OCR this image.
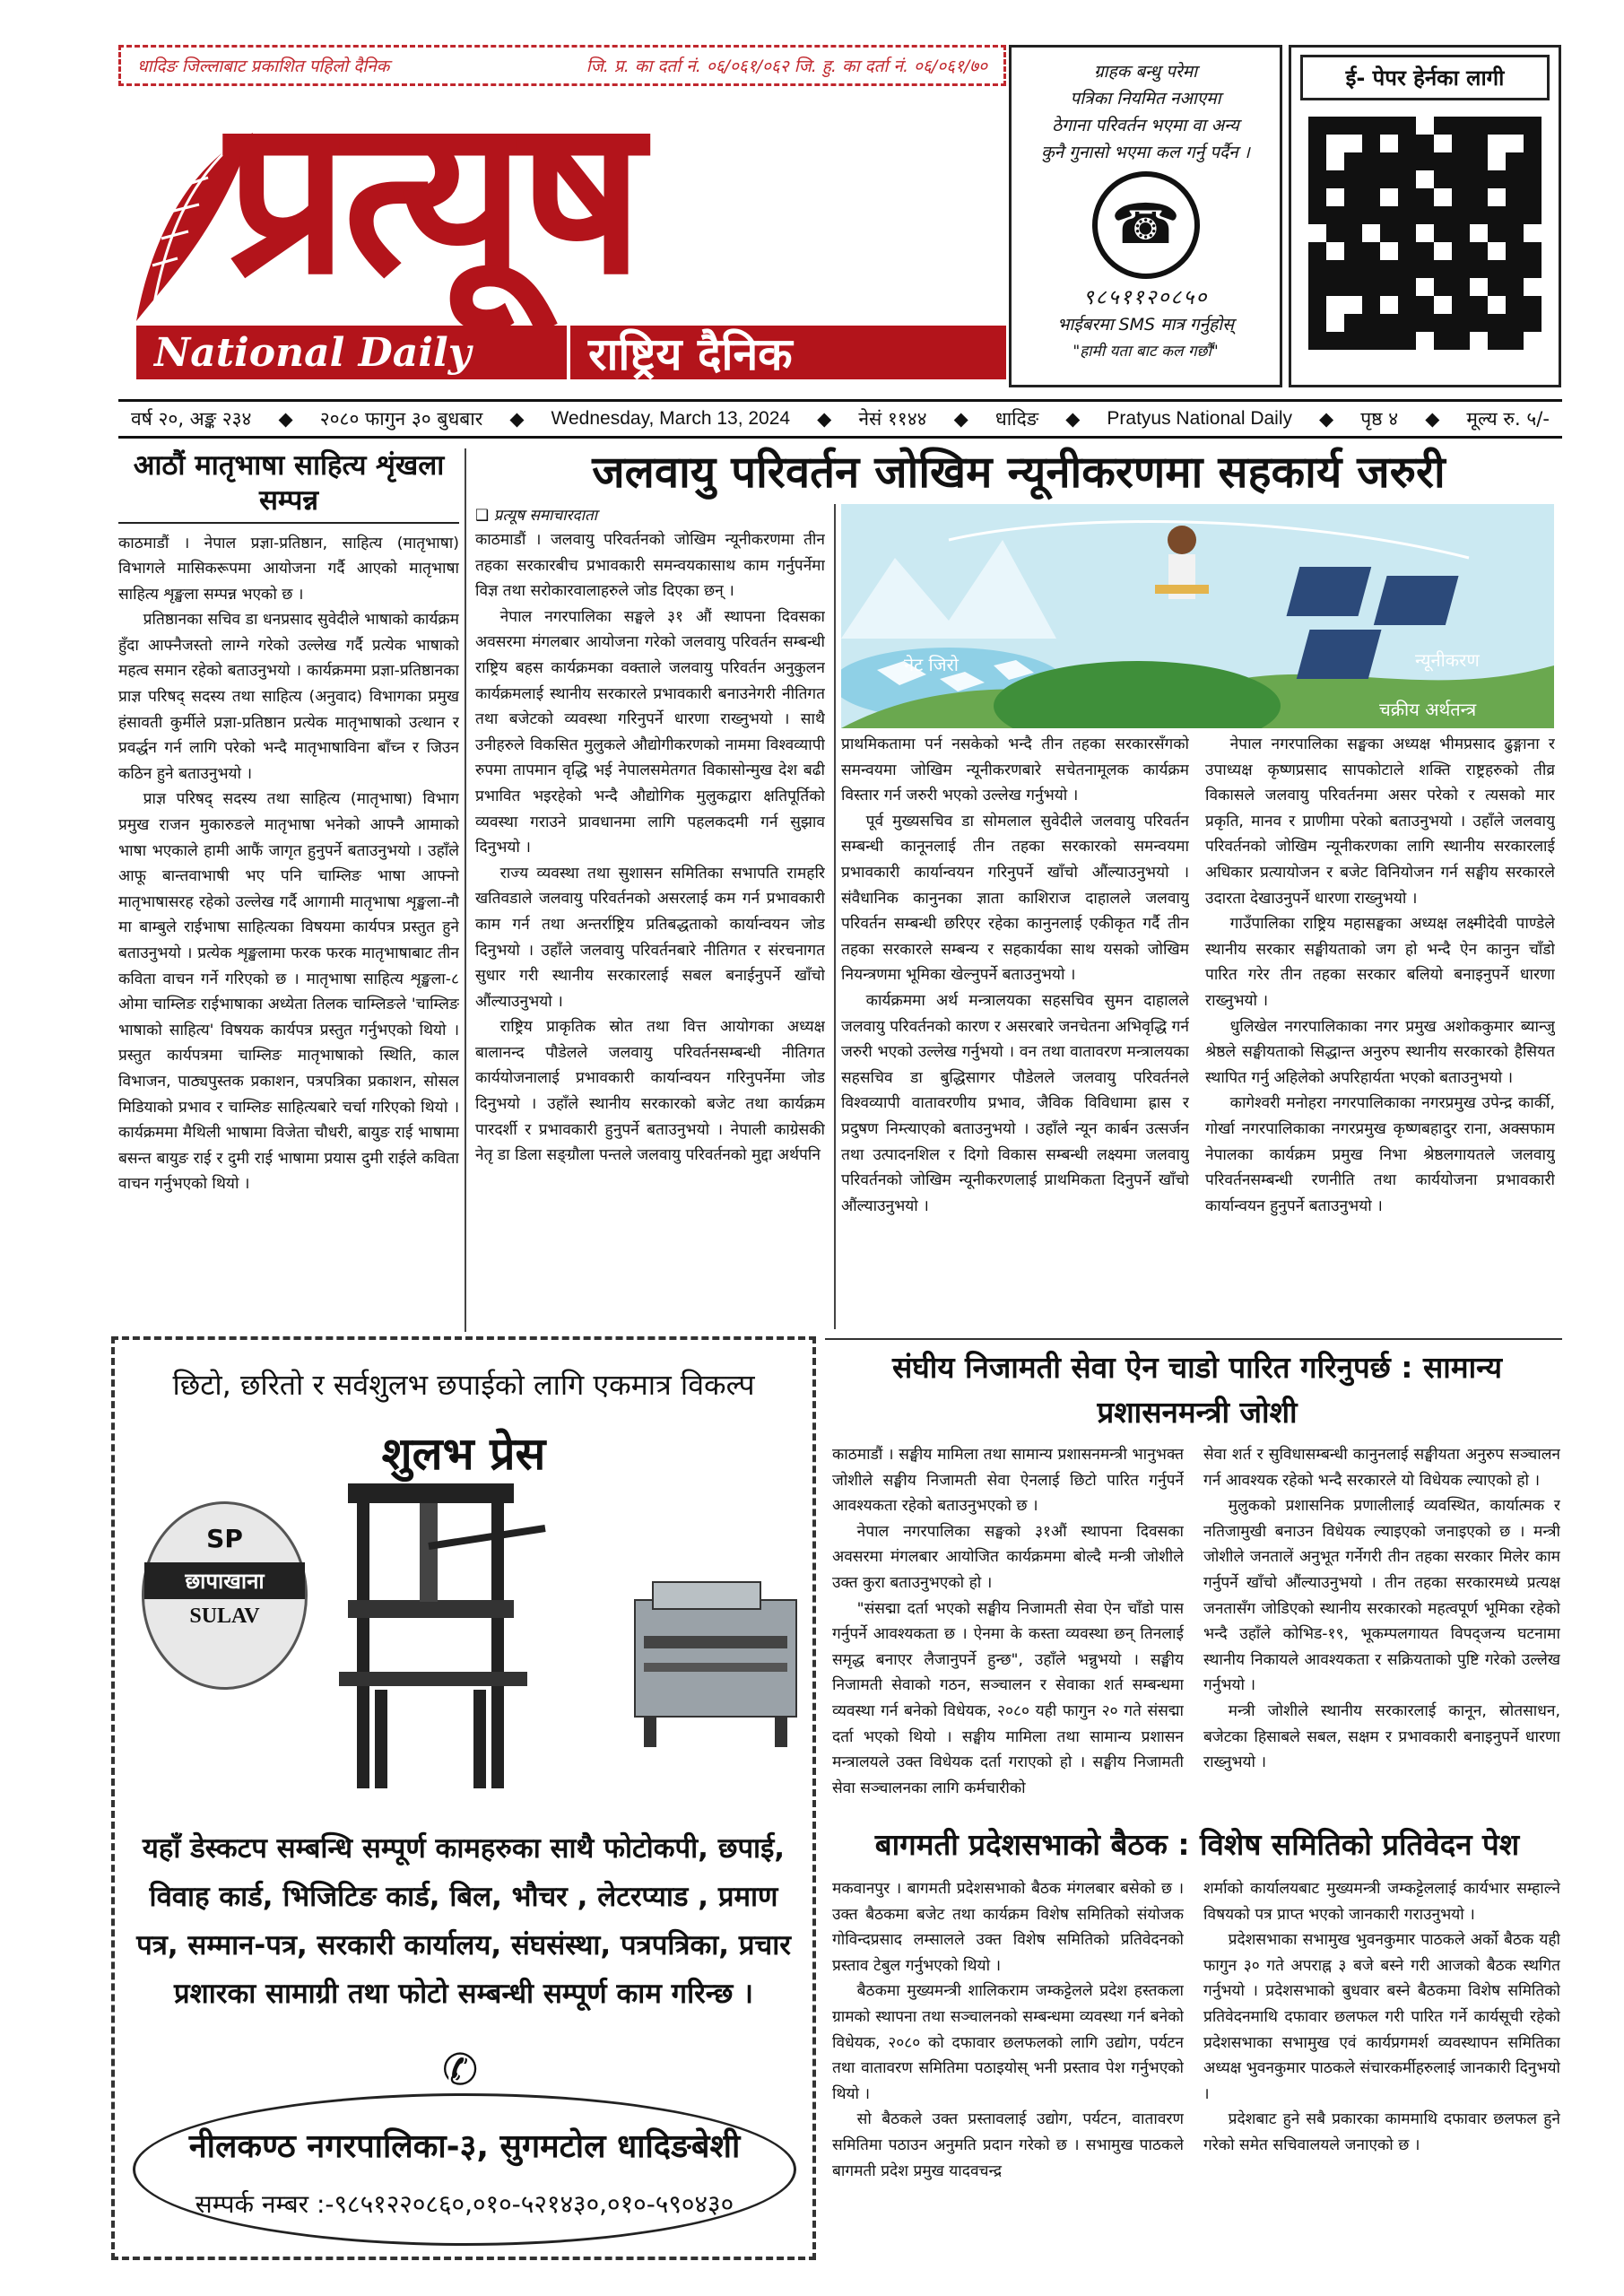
धादिङ जिल्लाबाट प्रकाशित पहिलो दैनिक	जि. प्र. का दर्ता नं. ०६/०६१/०६२ जि. हु. का दर्ता नं. ०६/०६१/७०
प्रत्यूष
National Daily	राष्ट्रिय दैनिक
ग्राहक बन्धु परेमा
पत्रिका नियमित नआएमा
ठेगाना परिवर्तन भएमा वा अन्य
कुनै गुनासो भएमा कल गर्नु पर्दैन ।
☎
९८५११२०८५०
भाईबरमा SMS मात्र गर्नुहोस्
"हामी यता बाट कल गर्छौं"
ई- पेपर हेर्नका लागी
वर्ष २०, अङ्क २३४ ◆ २०८० फागुन ३० बुधबार ◆ Wednesday, March 13, 2024 ◆ नेसं ११४४ ◆ धादिङ ◆ Pratyus National Daily ◆ पृष्ठ ४ ◆ मूल्य रु. ५/-
आठौं मातृभाषा साहित्य शृंखला सम्पन्न

काठमाडौं । नेपाल प्रज्ञा-प्रतिष्ठान, साहित्य (मातृभाषा) विभागले मासिकरूपमा आयोजना गर्दै आएको मातृभाषा साहित्य शृङ्खला सम्पन्न भएको छ ।

प्रतिष्ठानका सचिव डा धनप्रसाद सुवेदीले भाषाको कार्यक्रम हुँदा आफ्नैजस्तो लाग्ने गरेको उल्लेख गर्दै प्रत्येक भाषाको महत्व समान रहेको बताउनुभयो । कार्यक्रममा प्रज्ञा-प्रतिष्ठानका प्राज्ञ परिषद् सदस्य तथा साहित्य (अनुवाद) विभागका प्रमुख हंसावती कुर्मीले प्रज्ञा-प्रतिष्ठान प्रत्येक मातृभाषाको उत्थान र प्रवर्द्धन गर्न लागि परेको भन्दै मातृभाषाविना बाँच्न र जिउन कठिन हुने बताउनुभयो ।

प्राज्ञ परिषद् सदस्य तथा साहित्य (मातृभाषा) विभाग प्रमुख राजन मुकारुङले मातृभाषा भनेको आफ्नै आमाको भाषा भएकाले हामी आफैं जागृत हुनुपर्ने बताउनुभयो । उहाँले आफू बान्तवाभाषी भए पनि चाम्लिङ भाषा आफ्नो मातृभाषासरह रहेको उल्लेख गर्दै आगामी मातृभाषा शृङ्खला-नौ मा बाम्बुले राईभाषा साहित्यका विषयमा कार्यपत्र प्रस्तुत हुने बताउनुभयो । प्रत्येक शृङ्खलामा फरक फरक मातृभाषाबाट तीन कविता वाचन गर्ने गरिएको छ । मातृभाषा साहित्य शृङ्खला-८ ओमा चाम्लिङ राईभाषाका अध्येता तिलक चाम्लिङले 'चाम्लिङ भाषाको साहित्य' विषयक कार्यपत्र प्रस्तुत गर्नुभएको थियो । प्रस्तुत कार्यपत्रमा चाम्लिङ मातृभाषाको स्थिति, काल विभाजन, पाठ्यपुस्तक प्रकाशन, पत्रपत्रिका प्रकाशन, सोसल मिडियाको प्रभाव र चाम्लिङ साहित्यबारे चर्चा गरिएको थियो । कार्यक्रममा मैथिली भाषामा विजेता चौधरी, बायुङ राई भाषामा बसन्त बायुङ राई र दुमी राई भाषामा प्रयास दुमी राईले कविता वाचन गर्नुभएको थियो ।

जलवायु परिवर्तन जोखिम न्यूनीकरणमा सहकार्य जरुरी
❑ प्रत्यूष समाचारदाता

काठमाडौं । जलवायु परिवर्तनको जोखिम न्यूनीकरणमा तीन तहका सरकारबीच प्रभावकारी समन्वयकासाथ काम गर्नुपर्नेमा विज्ञ तथा सरोकारवालाहरुले जोड दिएका छन् ।

नेपाल नगरपालिका सङ्घले ३१ औं स्थापना दिवसका अवसरमा मंगलबार आयोजना गरेको जलवायु परिवर्तन सम्बन्धी राष्ट्रिय बहस कार्यक्रमका वक्ताले जलवायु परिवर्तन अनुकुलन कार्यक्रमलाई स्थानीय सरकारले प्रभावकारी बनाउनेगरी नीतिगत तथा बजेटको व्यवस्था गरिनुपर्ने धारणा राख्नुभयो । साथै उनीहरुले विकसित मुलुकले औद्योगीकरणको नाममा विश्वव्यापी रुपमा तापमान वृद्धि भई नेपालसमेतगत विकासोन्मुख देश बढी प्रभावित भइरहेको भन्दै औद्योगिक मुलुकद्वारा क्षतिपूर्तिको व्यवस्था गराउने प्रावधानमा लागि पहलकदमी गर्न सुझाव दिनुभयो ।

राज्य व्यवस्था तथा सुशासन समितिका सभापति रामहरि खतिवडाले जलवायु परिवर्तनको असरलाई कम गर्न प्रभावकारी काम गर्न तथा अन्तर्राष्ट्रिय प्रतिबद्धताको कार्यान्वयन जोड दिनुभयो । उहाँले जलवायु परिवर्तनबारे नीतिगत र संरचनागत सुधार गरी स्थानीय सरकारलाई सबल बनाईनुपर्ने खाँचो औंल्याउनुभयो ।

राष्ट्रिय प्राकृतिक स्रोत तथा वित्त आयोगका अध्यक्ष बालानन्द पौडेलले जलवायु परिवर्तनसम्बन्धी नीतिगत कार्ययोजनालाई प्रभावकारी कार्यान्वयन गरिनुपर्नेमा जोड दिनुभयो । उहाँले स्थानीय सरकारको बजेट तथा कार्यक्रम पारदर्शी र प्रभावकारी हुनुपर्ने बताउनुभयो । नेपाली काग्रेसकी नेतृ डा डिला सङ्ग्रौला पन्तले जलवायु परिवर्तनको मुद्दा अर्थपनि

नेट जिरो	न्यूनीकरण
चक्रीय अर्थतन्त्र

प्राथमिकतामा पर्न नसकेको भन्दै तीन तहका सरकारसँगको समन्वयमा जोखिम न्यूनीकरणबारे सचेतनामूलक कार्यक्रम विस्तार गर्न जरुरी भएको उल्लेख गर्नुभयो ।

पूर्व मुख्यसचिव डा सोमलाल सुवेदीले जलवायु परिवर्तन सम्बन्धी कानूनलाई तीन तहका सरकारको समन्वयमा प्रभावकारी कार्यान्वयन गरिनुपर्ने खाँचो औंल्याउनुभयो । संवैधानिक कानुनका ज्ञाता काशिराज दाहालले जलवायु परिवर्तन सम्बन्धी छरिएर रहेका कानुनलाई एकीकृत गर्दै तीन तहका सरकारले सम्बन्य र सहकार्यका साथ यसको जोखिम नियन्त्रणमा भूमिका खेल्नुपर्ने बताउनुभयो ।

कार्यक्रममा अर्थ मन्त्रालयका सहसचिव सुमन दाहालले जलवायु परिवर्तनको कारण र असरबारे जनचेतना अभिवृद्धि गर्न जरुरी भएको उल्लेख गर्नुभयो । वन तथा वातावरण मन्त्रालयका सहसचिव डा बुद्धिसागर पौडेलले जलवायु परिवर्तनले विश्वव्यापी वातावरणीय प्रभाव, जैविक विविधामा ह्रास र प्रदुषण निम्त्याएको बताउनुभयो । उहाँले न्यून कार्बन उत्सर्जन तथा उत्पादनशिल र दिगो विकास सम्बन्धी लक्ष्यमा जलवायु परिवर्तनको जोखिम न्यूनीकरणलाई प्राथमिकता दिनुपर्ने खाँचो औंल्याउनुभयो ।

नेपाल नगरपालिका सङ्घका अध्यक्ष भीमप्रसाद ढुङ्गाना र उपाध्यक्ष कृष्णप्रसाद सापकोटाले शक्ति राष्ट्रहरुको तीव्र विकासले जलवायु परिवर्तनमा असर परेको र त्यसको मार प्रकृति, मानव र प्राणीमा परेको बताउनुभयो । उहाँले जलवायु परिवर्तनको जोखिम न्यूनीकरणका लागि स्थानीय सरकारलाई अधिकार प्रत्यायोजन र बजेट विनियोजन गर्न सङ्घीय सरकारले उदारता देखाउनुपर्ने धारणा राख्नुभयो ।

गाउँपालिका राष्ट्रिय महासङ्घका अध्यक्ष लक्ष्मीदेवी पाण्डेले स्थानीय सरकार सङ्घीयताको जग हो भन्दै ऐन कानुन चाँडो पारित गरेर तीन तहका सरकार बलियो बनाइनुपर्ने धारणा राख्नुभयो ।

धुलिखेल नगरपालिकाका नगर प्रमुख अशोककुमार ब्यान्जु श्रेष्ठले सङ्घीयताको सिद्धान्त अनुरुप स्थानीय सरकारको हैसियत स्थापित गर्नु अहिलेको अपरिहार्यता भएको बताउनुभयो ।

कागेश्वरी मनोहरा नगरपालिकाका नगरप्रमुख उपेन्द्र कार्की, गोर्खा नगरपालिकाका नगरप्रमुख कृष्णबहादुर राना, अक्सफाम नेपालका कार्यक्रम प्रमुख निभा श्रेष्ठलगायतले जलवायु परिवर्तनसम्बन्धी रणनीति तथा कार्ययोजना प्रभावकारी कार्यान्वयन हुनुपर्ने बताउनुभयो ।

छिटो, छरितो र सर्वशुलभ छपाईको लागि एकमात्र विकल्प
शुलभ प्रेस
SP
छापाखाना
SULAV
यहाँ डेस्कटप सम्बन्धि सम्पूर्ण कामहरुका साथै फोटोकपी, छपाई, विवाह कार्ड, भिजिटिङ कार्ड, बिल, भौचर , लेटरप्याड , प्रमाण पत्र, सम्मान-पत्र, सरकारी कार्यालय, संघसंस्था, पत्रपत्रिका, प्रचार प्रशारका सामाग्री तथा फोटो सम्बन्धी सम्पूर्ण काम गरिन्छ ।
✆
नीलकण्ठ नगरपालिका-३, सुगमटोल धादिङबेशी
सम्पर्क नम्बर :-९८५१२२०८६०,०१०-५२१४३०,०१०-५९०४३०
संघीय निजामती सेवा ऐन चाडो पारित गरिनुपर्छ : सामान्य प्रशासनमन्त्री जोशी

काठमाडौं । सङ्घीय मामिला तथा सामान्य प्रशासनमन्त्री भानुभक्त जोशीले सङ्घीय निजामती सेवा ऐनलाई छिटो पारित गर्नुपर्ने आवश्यकता रहेको बताउनुभएको छ ।

नेपाल नगरपालिका सङ्घको ३१औं स्थापना दिवसका अवसरमा मंगलबार आयोजित कार्यक्रममा बोल्दै मन्त्री जोशीले उक्त कुरा बताउनुभएको हो ।

"संसद्मा दर्ता भएको सङ्घीय निजामती सेवा ऐन चाँडो पास गर्नुपर्ने आवश्यकता छ । ऐनमा के कस्ता व्यवस्था छन् तिनलाई समृद्ध बनाएर लैजानुपर्ने हुन्छ", उहाँले भन्नुभयो । सङ्घीय निजामती सेवाको गठन, सञ्चालन र सेवाका शर्त सम्बन्धमा व्यवस्था गर्न बनेको विधेयक, २०८० यही फागुन २० गते संसद्मा दर्ता भएको थियो । सङ्घीय मामिला तथा सामान्य प्रशासन मन्त्रालयले उक्त विधेयक दर्ता गराएको हो । सङ्घीय निजामती सेवा सञ्चालनका लागि कर्मचारीको

सेवा शर्त र सुविधासम्बन्धी कानुनलाई सङ्घीयता अनुरुप सञ्चालन गर्न आवश्यक रहेको भन्दै सरकारले यो विधेयक ल्याएको हो ।

मुलुकको प्रशासनिक प्रणालीलाई व्यवस्थित, कार्यात्मक र नतिजामुखी बनाउन विधेयक ल्याइएको जनाइएको छ । मन्त्री जोशीले जनतालें अनुभूत गर्नेगरी तीन तहका सरकार मिलेर काम गर्नुपर्ने खाँचो औंल्याउनुभयो । तीन तहका सरकारमध्ये प्रत्यक्ष जनतासँग जोडिएको स्थानीय सरकारको महत्वपूर्ण भूमिका रहेको भन्दै उहाँले कोभिड-१९, भूकम्पलगायत विपद्जन्य घटनामा स्थानीय निकायले आवश्यकता र सक्रियताको पुष्टि गरेको उल्लेख गर्नुभयो ।

मन्त्री जोशीले स्थानीय सरकारलाई कानून, स्रोतसाधन, बजेटका हिसाबले सबल, सक्षम र प्रभावकारी बनाइनुपर्ने धारणा राख्नुभयो ।

बागमती प्रदेशसभाको बैठक : विशेष समितिको प्रतिवेदन पेश

मकवानपुर । बागमती प्रदेशसभाको बैठक मंगलबार बसेको छ । उक्त बैठकमा बजेट तथा कार्यक्रम विशेष समितिको संयोजक गोविन्दप्रसाद लम्सालले उक्त विशेष समितिको प्रतिवेदनको प्रस्ताव टेबुल गर्नुभएको थियो ।

बैठकमा मुख्यमन्त्री शालिकराम जम्कट्टेलले प्रदेश हस्तकला ग्रामको स्थापना तथा सञ्चालनको सम्बन्धमा व्यवस्था गर्न बनेको विधेयक, २०८० को दफावार छलफलको लागि उद्योग, पर्यटन तथा वातावरण समितिमा पठाइयोस् भनी प्रस्ताव पेश गर्नुभएको थियो ।

सो बैठकले उक्त प्रस्तावलाई उद्योग, पर्यटन, वातावरण समितिमा पठाउन अनुमति प्रदान गरेको छ । सभामुख पाठकले बागमती प्रदेश प्रमुख यादवचन्द्र

शर्माको कार्यालयबाट मुख्यमन्त्री जम्कट्टेललाई कार्यभार सम्हाल्ने विषयको पत्र प्राप्त भएको जानकारी गराउनुभयो ।

प्रदेशसभाका सभामुख भुवनकुमार पाठकले अर्को बैठक यही फागुन ३० गते अपराह्न ३ बजे बस्ने गरी आजको बैठक स्थगित गर्नुभयो । प्रदेशसभाको बुधवार बस्ने बैठकमा विशेष समितिको प्रतिवेदनमाथि दफावार छलफल गरी पारित गर्ने कार्यसूची रहेको प्रदेशसभाका सभामुख एवं कार्यप्रगमर्श व्यवस्थापन समितिका अध्यक्ष भुवनकुमार पाठकले संचारकर्मीहरुलाई जानकारी दिनुभयो ।

प्रदेशबाट हुने सबै प्रकारका काममाथि दफावार छलफल हुने गरेको समेत सचिवालयले जनाएको छ ।
